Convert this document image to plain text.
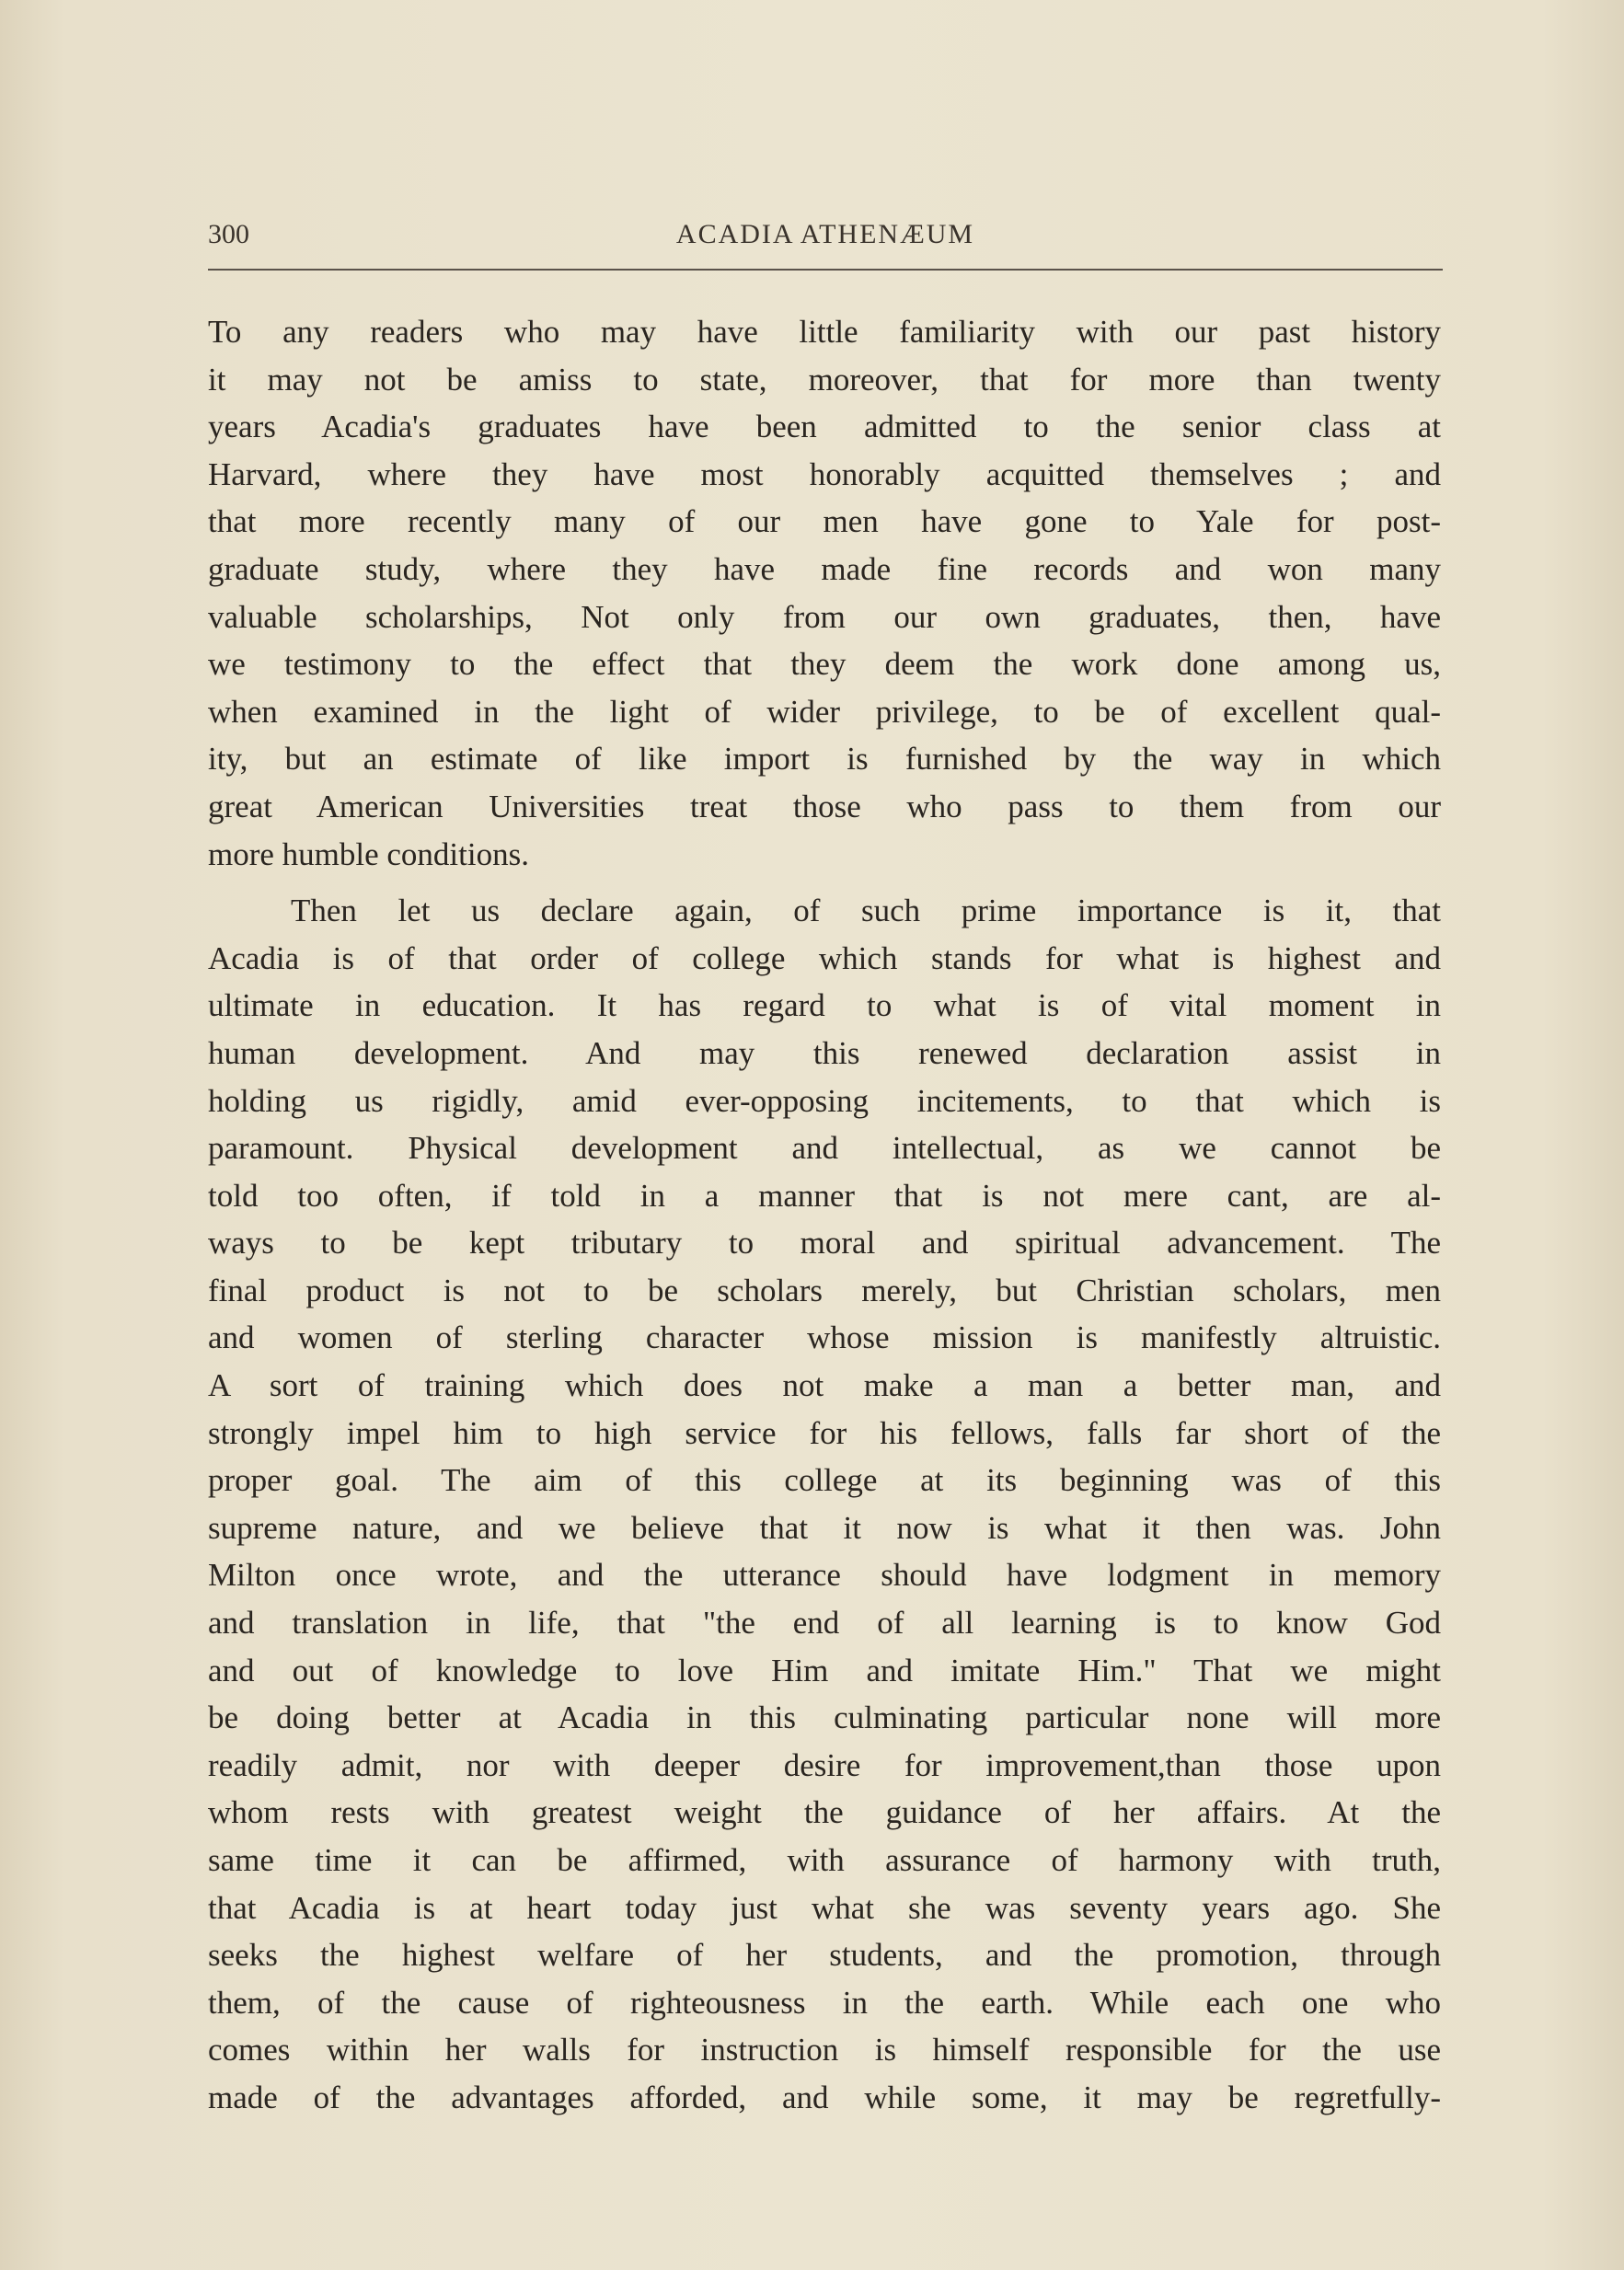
300	ACADIA ATHENÆUM
To any readers who may have little familiarity with our past history
it may not be amiss to state, moreover, that for more than twenty
years Acadia's graduates have been admitted to the senior class at
Harvard, where they have most honorably acquitted themselves ; and
that more recently many of our men have gone to Yale for post-
graduate study, where they have made fine records and won many
valuable scholarships, Not only from our own graduates, then, have
we testimony to the effect that they deem the work done among us,
when examined in the light of wider privilege, to be of excellent qual-
ity, but an estimate of like import is furnished by the way in which
great American Universities treat those who pass to them from our
more humble conditions.
Then let us declare again, of such prime importance is it, that
Acadia is of that order of college which stands for what is highest and
ultimate in education. It has regard to what is of vital moment in
human development. And may this renewed declaration assist in
holding us rigidly, amid ever-opposing incitements, to that which is
paramount. Physical development and intellectual, as we cannot be
told too often, if told in a manner that is not mere cant, are al-
ways to be kept tributary to moral and spiritual advancement. The
final product is not to be scholars merely, but Christian scholars, men
and women of sterling character whose mission is manifestly altruistic.
A sort of training which does not make a man a better man, and
strongly impel him to high service for his fellows, falls far short of the
proper goal. The aim of this college at its beginning was of this
supreme nature, and we believe that it now is what it then was. John
Milton once wrote, and the utterance should have lodgment in memory
and translation in life, that "the end of all learning is to know God
and out of knowledge to love Him and imitate Him." That we might
be doing better at Acadia in this culminating particular none will more
readily admit, nor with deeper desire for improvement,than those upon
whom rests with greatest weight the guidance of her affairs. At the
same time it can be affirmed, with assurance of harmony with truth,
that Acadia is at heart today just what she was seventy years ago. She
seeks the highest welfare of her students, and the promotion, through
them, of the cause of righteousness in the earth. While each one who
comes within her walls for instruction is himself responsible for the use
made of the advantages afforded, and while some, it may be regretfully-
